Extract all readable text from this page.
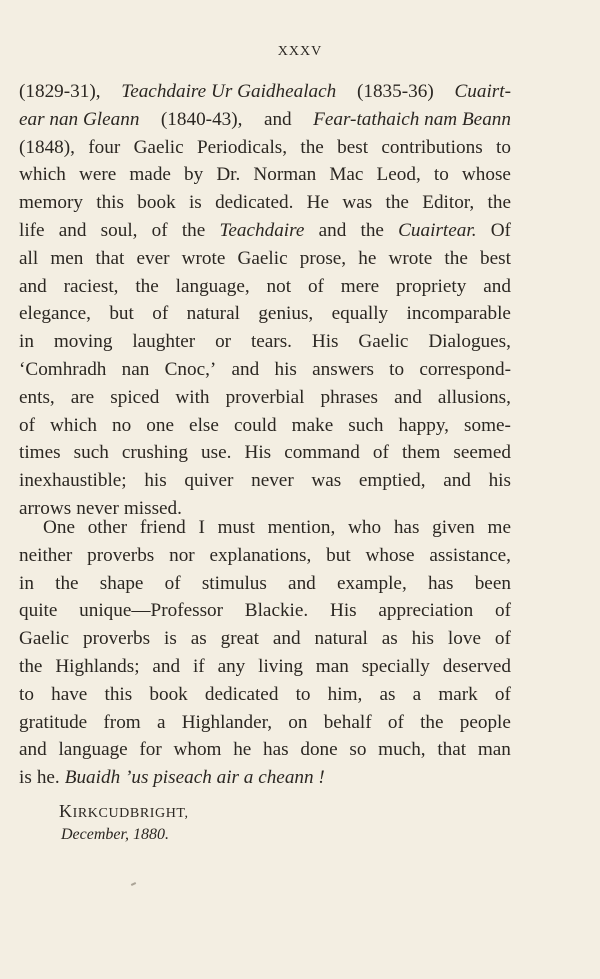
XXXV
(1829-31), Teachdaire Ur Gaidhealach (1835-36) Cuairt-
ear nan Gleann (1840-43), and Fear-tathaich nam Beann
(1848), four Gaelic Periodicals, the best contributions to
which were made by Dr. Norman Mac Leod, to whose
memory this book is dedicated. He was the Editor, the
life and soul, of the Teachdaire and the Cuairtear. Of
all men that ever wrote Gaelic prose, he wrote the best
and raciest, the language, not of mere propriety and
elegance, but of natural genius, equally incomparable
in moving laughter or tears. His Gaelic Dialogues,
‘Comhradh nan Cnoc,’ and his answers to correspond-
ents, are spiced with proverbial phrases and allusions,
of which no one else could make such happy, some-
times such crushing use. His command of them seemed
inexhaustible; his quiver never was emptied, and his
arrows never missed.
One other friend I must mention, who has given me
neither proverbs nor explanations, but whose assistance,
in the shape of stimulus and example, has been
quite unique—Professor Blackie. His appreciation of
Gaelic proverbs is as great and natural as his love of
the Highlands; and if any living man specially deserved
to have this book dedicated to him, as a mark of
gratitude from a Highlander, on behalf of the people
and language for whom he has done so much, that man
is he. Buaidh ’us piseach air a cheann !
KIRKCUDBRIGHT,
December, 1880.
